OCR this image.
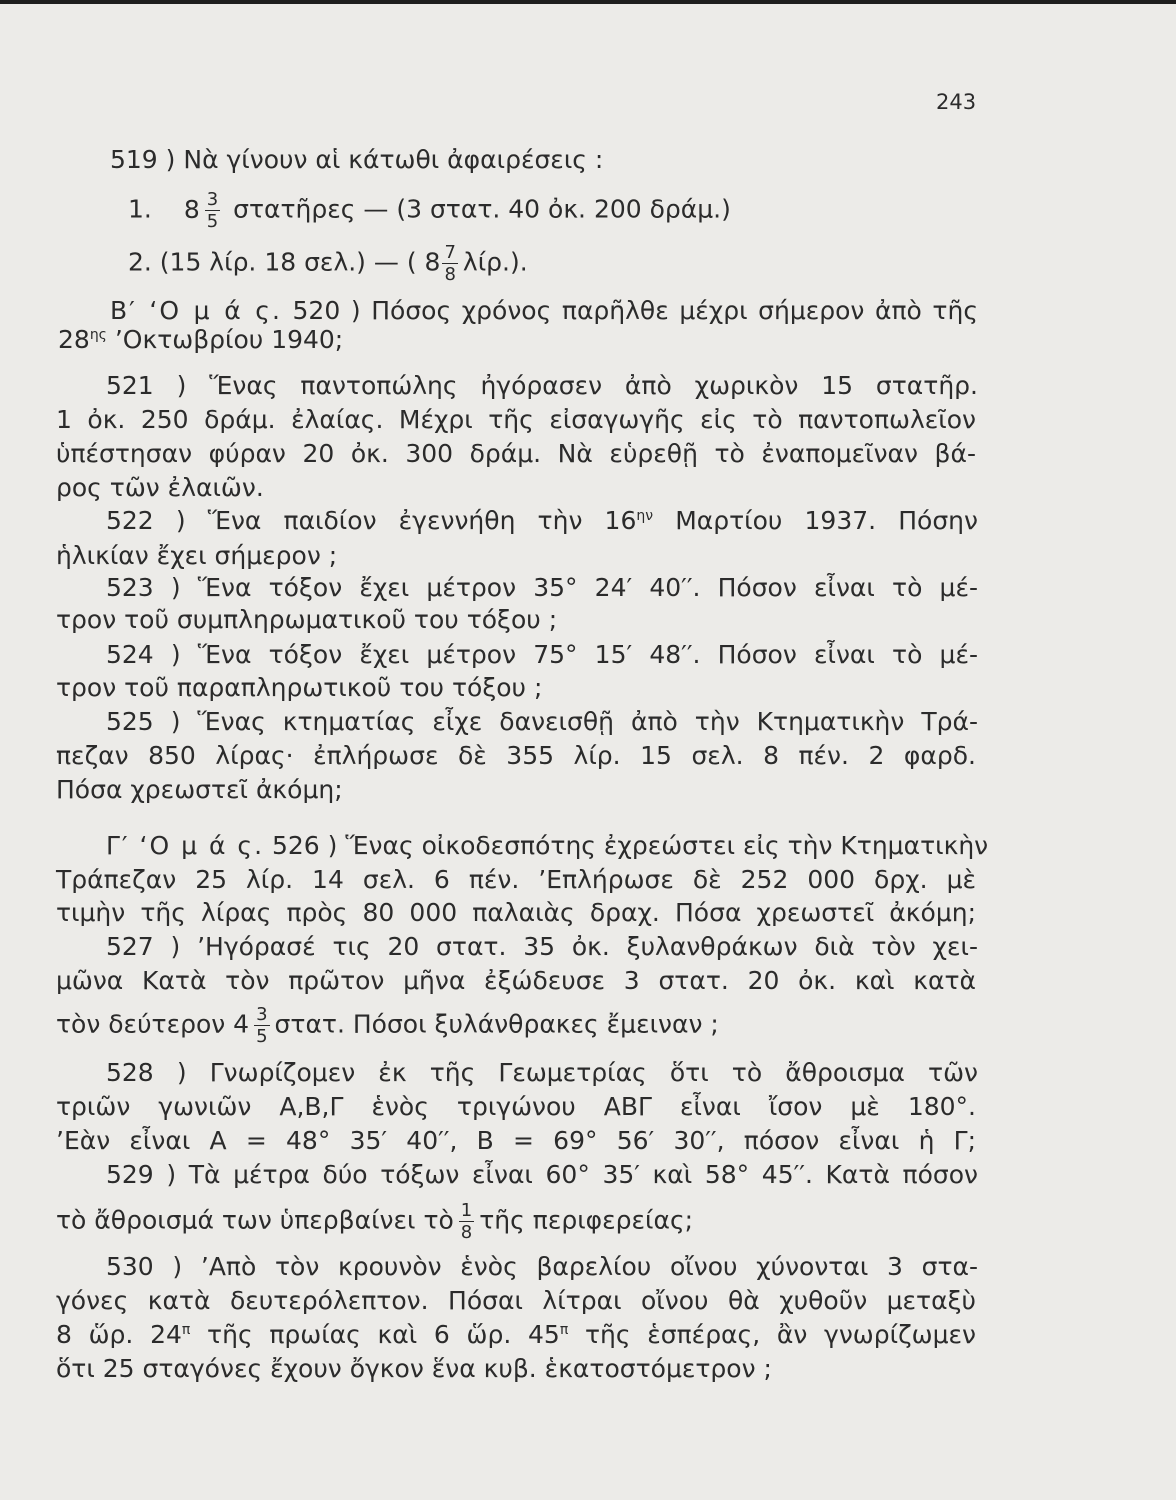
243
519 ) Νὰ γίνουν αἱ κάτωθι ἀφαιρέσεις :
1. $8 \frac{3}{5}$ στατῆρες — (3 στατ. 40 ὀκ. 200 δράμ.)
2. (15 λίρ. 18 σελ.) — ( $8 \frac{7}{8} \lambda ί\rho$.).
Β′ ‘Ο μ ά ς. 520 ) Πόσος χρόνος παρῆλθε μέχρι σήμερον ἀπὸ τῆς
$28^{\eta\varsigma}$ ’Οκτωβρίου 1940;
521 ) Ἕνας παντοπώλης ἠγόρασεν ἀπὸ χωρικὸν 15 στατῆρ.
1 ὀκ. 250 δράμ. ἐλαίας. Μέχρι τῆς εἰσαγωγῆς εἰς τὸ παντοπωλεῖον
ὑπέστησαν φύραν 20 ὀκ. 300 δράμ. Νὰ εὑρεθῇ τὸ ἐναπομεῖναν βά-
ρος τῶν ἐλαιῶν.
522 ) Ἕνα παιδίον ἐγεννήθη τὴν $16^{\eta\nu}$ Μαρτίου 1937. Πόσην
ἡλικίαν ἔχει σήμερον ;
523 ) Ἕνα τόξον ἔχει μέτρον 35° 24′ 40′′. Πόσον εἶναι τὸ μέ-
τρον τοῦ συμπληρωματικοῦ του τόξου ;
524 ) Ἕνα τόξον ἔχει μέτρον 75° 15′ 48′′. Πόσον εἶναι τὸ μέ-
τρον τοῦ παραπληρωτικοῦ του τόξου ;
525 ) Ἕνας κτηματίας εἶχε δανεισθῇ ἀπὸ τὴν Κτηματικὴν Τρά-
πεζαν 850 λίρας· ἐπλήρωσε δὲ 355 λίρ. 15 σελ. 8 πέν. 2 φαρδ.
Πόσα χρεωστεῖ ἀκόμη;
Γ′ ‘Ο μ ά ς. 526 ) Ἕνας οἰκοδεσπότης ἐχρεώστει εἰς τὴν Κτηματικὴν
Τράπεζαν 25 λίρ. 14 σελ. 6 πέν. ’Επλήρωσε δὲ 252 000 δρχ. μὲ
τιμὴν τῆς λίρας πρὸς 80 000 παλαιὰς δραχ. Πόσα χρεωστεῖ ἀκόμη;
527 ) ’Ηγόρασέ τις 20 στατ. 35 ὀκ. ξυλανθράκων διὰ τὸν χει-
μῶνα Κατὰ τὸν πρῶτον μῆνα ἐξώδευσε 3 στατ. 20 ὀκ. καὶ κατὰ
τὸν δεύτερον $4 \frac{3}{5} \sigma\tau\alpha\tau$. Πόσοι ξυλάνθρακες ἔμειναν ;
528 ) Γνωρίζομεν ἐκ τῆς Γεωμετρίας ὅτι τὸ ἄθροισμα τῶν
τριῶν γωνιῶν Α,Β,Γ ἑνὸς τριγώνου ΑΒΓ εἶναι ἴσον μὲ 180°.
’Εὰν εἶναι Α = 48° 35′ 40′′, Β = 69° 56′ 30′′, πόσον εἶναι ἡ Γ;
529 ) Τὰ μέτρα δύο τόξων εἶναι 60° 35′ καὶ 58° 45′′. Κατὰ πόσον
τὸ ἄθροισμά των ὑπερβαίνει τὸ $\frac{1}{8}$ τῆς περιφερείας;
530 ) ’Απὸ τὸν κρουνὸν ἑνὸς βαρελίου οἴνου χύνονται 3 στα-
γόνες κατὰ δευτερόλεπτον. Πόσαι λίτραι οἴνου θὰ χυθοῦν μεταξὺ
8 ὥρ. $24^\pi$ τῆς πρωίας καὶ 6 ὥρ. $45^\pi$ τῆς ἑσπέρας, ἂν γνωρίζωμεν
ὅτι 25 σταγόνες ἔχουν ὄγκον ἕνα κυβ. ἑκατοστόμετρον ;
